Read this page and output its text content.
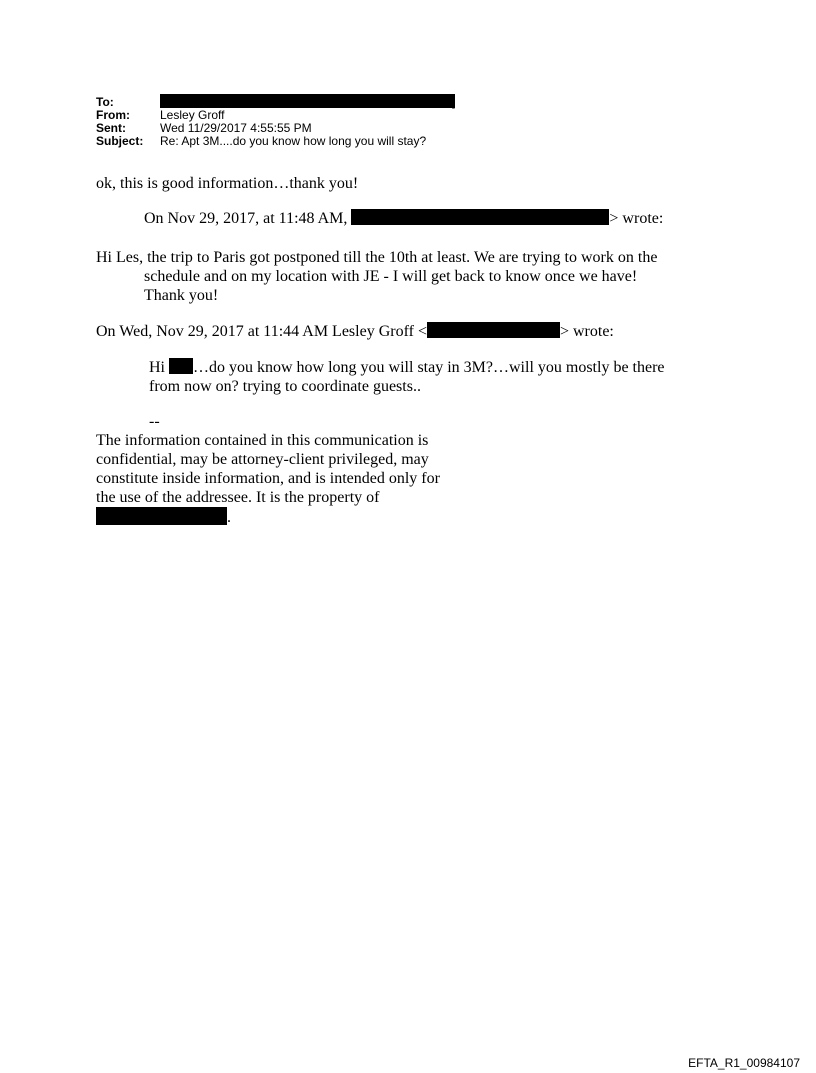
To:	]
From:	Lesley Groff
Sent:	Wed 11/29/2017 4:55:55 PM
Subject: Re: Apt 3M....do you know how long you will stay?
ok, this is good information…thank you!
On Nov 29, 2017, at 11:48 AM,	> wrote:
Hi Les, the trip to Paris got postponed till the 10th at least. We are trying to work on the
schedule and on my location with JE - I will get back to know once we have!
Thank you!
On Wed, Nov 29, 2017 at 11:44 AM Lesley Groff <	> wrote:
Hi …do you know how long you will stay in 3M?…will you mostly be there from now on? trying to coordinate guests..
--
The information contained in this communication is confidential, may be attorney-client privileged, may constitute inside information, and is intended only for the use of the addressee. It is the property of
.
EFTA_R1_00984107
